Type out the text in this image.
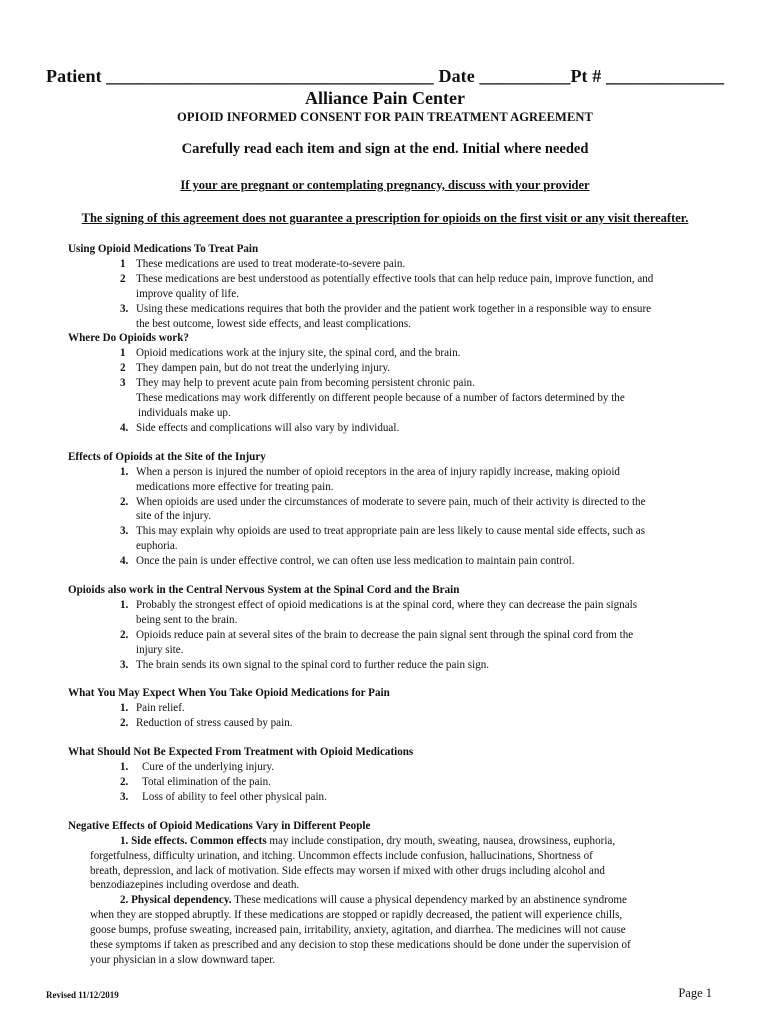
Patient ____________________________________ Date __________Pt # _____________
Alliance Pain Center
OPIOID INFORMED CONSENT FOR PAIN TREATMENT AGREEMENT
Carefully read each item and sign at the end. Initial where needed
If your are pregnant or contemplating pregnancy, discuss with your provider
The signing of this agreement does not guarantee a prescription for opioids on the first visit or any visit thereafter.

Using Opioid Medications To Treat Pain

1 These medications are used to treat moderate-to-severe pain.

2 These medications are best understood as potentially effective tools that can help reduce pain, improve function, and

improve quality of life.

3. Using these medications requires that both the provider and the patient work together in a responsible way to ensure

the best outcome, lowest side effects, and least complications.

Where Do Opioids work?

1 Opioid medications work at the injury site, the spinal cord, and the brain.

2 They dampen pain, but do not treat the underlying injury.

3 They may help to prevent acute pain from becoming persistent chronic pain.

These medications may work differently on different people because of a number of factors determined by the

individuals make up.

4. Side effects and complications will also vary by individual.

Effects of Opioids at the Site of the Injury

1. When a person is injured the number of opioid receptors in the area of injury rapidly increase, making opioid

medications more effective for treating pain.

2. When opioids are used under the circumstances of moderate to severe pain, much of their activity is directed to the

site of the injury.

3. This may explain why opioids are used to treat appropriate pain are less likely to cause mental side effects, such as

euphoria.

4. Once the pain is under effective control, we can often use less medication to maintain pain control.

Opioids also work in the Central Nervous System at the Spinal Cord and the Brain

1. Probably the strongest effect of opioid medications is at the spinal cord, where they can decrease the pain signals

being sent to the brain.

2. Opioids reduce pain at several sites of the brain to decrease the pain signal sent through the spinal cord from the

injury site.

3. The brain sends its own signal to the spinal cord to further reduce the pain sign.

What You May Expect When You Take Opioid Medications for Pain

1. Pain relief.

2. Reduction of stress caused by pain.

What Should Not Be Expected From Treatment with Opioid Medications

1.	Cure of the underlying injury.

2.	Total elimination of the pain.

3.	Loss of ability to feel other physical pain.

Negative Effects of Opioid Medications Vary in Different People

1. Side effects. Common effects may include constipation, dry mouth, sweating, nausea, drowsiness, euphoria,

forgetfulness, difficulty urination, and itching. Uncommon effects include confusion, hallucinations, Shortness of

breath, depression, and lack of motivation. Side effects may worsen if mixed with other drugs including alcohol and

benzodiazepines including overdose and death.

2. Physical dependency. These medications will cause a physical dependency marked by an abstinence syndrome

when they are stopped abruptly. If these medications are stopped or rapidly decreased, the patient will experience chills,

goose bumps, profuse sweating, increased pain, irritability, anxiety, agitation, and diarrhea. The medicines will not cause

these symptoms if taken as prescribed and any decision to stop these medications should be done under the supervision of

your physician in a slow downward taper.

Revised 11/12/2019	Page 1
